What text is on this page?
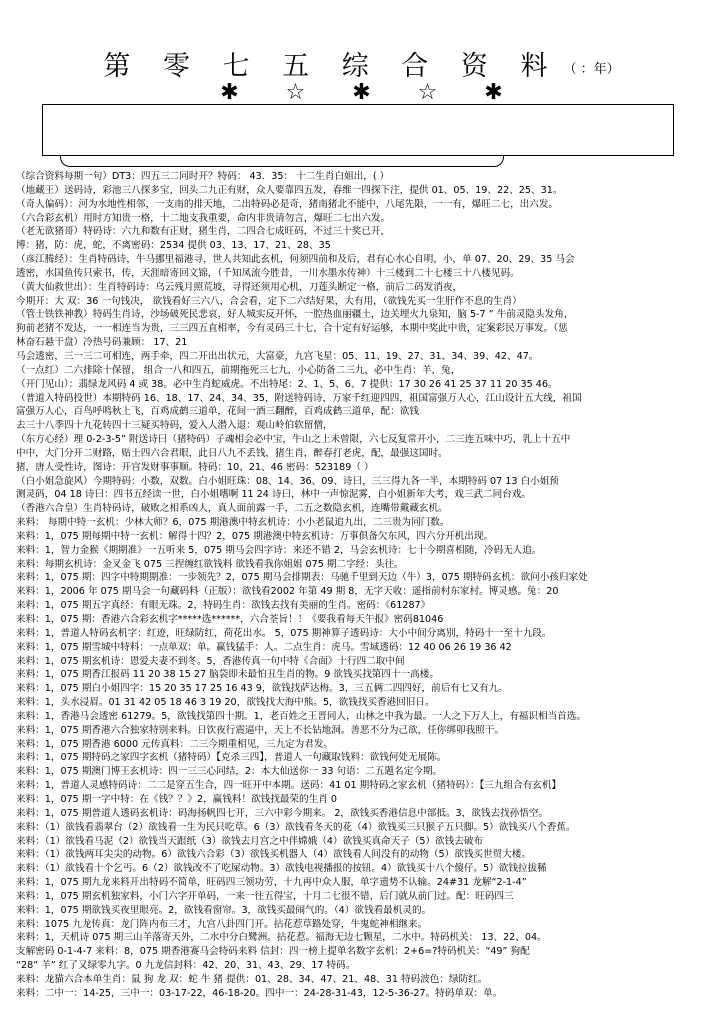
第 零 七 五 综 合 资 料 （ ：年）
✱ ☆ ✱ ☆ ✱
（综合资料每期一句）DT3：四五三二同时开？特码： 43．35： 十二生肖白姐出，( ）
（地藏王）送码诗，彩池三八探多宝，回头二九正有财，众人要靠四五发，春维一四探下注，提供 01、05、19、22、25、31。
（奇人偏码）：河为水地性相邻，一支南的排天地，二出特码必是奇，猪南猪北不能中，八尾先限，一一有，爆旺二七，出六发。
（六合彩玄机）用时方知贵一格，十二地支我重要，命内非贵请勿言，爆旺二七出六发。
（老无欲猪哥）特码诗：六九和数有正财，猪生肖，二四合七成旺码，不过三十奖已开，
博：猪，防：虎，蛇，不离密码：2534 提供 03、13、17、21、28、35
（彦江腾经）：生肖特码诗，牛马挪里福港寻，世人共知此玄机，何须四前和及后，君有心水心自明，小，单 07、20、29、35 马会
透密，水国鱼传只索书，传，天涯暗寄回文锦，（千知凤流今胜昔，一川水墨水传神）十三楼到二十七楼三十八楼见码。
（黄大仙救世出）：生肖特码诗：乌云残月照荒坡，寻得还须用心机，刀莲头断定一格，前后二码发消夜，
今期开：大 双：36 一句钱决， 欲钱看好三六八，合会看，定下二六结好果，大有用，（欲钱先买一生肝作不息的生肖）
（管士铁铁神教）特码生肖诗，沙场破死民悲哀，好人城实反开怀，一腔热血丽疆土，边关埋火九泉知，脑 5-7 ” 牛前灵隐头发角，
狗前老猪不发达，一一相连当为贵，三三四五直相率，今有灵码三十七，合十定有好运够，本期中奖此中贵，定案彩民万事发。（惩
林奋石悬干盘）冷热号码兼顾： 17、21
马会透密，三一三二可相连，两手牵，四二开出出状元，大富豪，九宫飞星：05、11、19、27、31、34、39、42、47。
（一点红）二六排除十保留， 组合一八和四五，前期拖死三七九，小心防备二三九，必中生肖：羊，兔，
（开门见山）：翡绿龙风码 4 或 38。必中生肖蛇威虎。不出特尾：2、1、5、6、7 提供：17 30 26 41 25 37 11 20 35 46。
（普道入特码投世）本期特码 16、18、17、24、34、35，附送特码诗，万家千红迎四四，祖国富强万人心，江山设计五大线，祖国
富强万人心，百鸟呼鸣秋上飞，百鸡成鹤三道单，花间一酒三翻醉，百鸡成鹤三道单，配：欲钱
去三十八季四十九花转四十三疑买特码，爱入人潜入退：观山岭伯软留僧，
（东方心经）理 0-2-3-5” 附送诗曰（猪特码）子魂相会必中宝，牛山之上未曾限，六七反复常开小，二三连五味中巧，乳上十五中
中中，大门分开二财路，贴士四六合君眼，此日八九不丢钱，猪生肖，醉春打老虎，配，最强这国时。
猪，唐人受性诗，图诗：开宫发财事事顺。特码：10、21、46 密码：523189（ ）
（白小姐急旋风）今期特码：小数，双数。白小姐旺珠：08、14、36、09、诗曰，三三得九各一半，本期特码 07 13 白小姐预
测灵码，04 18 诗曰：四书五经读一世，白小姐嗜啊 11 24 诗曰，林中一声惊泥雾，白小姐新年大考，戏三武二同台戏。
（香港六合皇）生肖特码诗，破败之相系凶人，真人面前露一手，二五之数隐玄机，连嘴带戴藏玄机。
来料： 每期中特一玄机：少林大师？6，075 期港澳中特玄机诗：小小老鼠追九出，二三贵为同门数。
来料：1，075 期每期中特一玄机：解得十四？2，075 期港澳中特玄机诗：万事俱备欠东风，四六分开机出现。
来料：1，智力金猴《期期准》一五听来 5，075 期马会四字诗：来还不错 2，马会玄机诗：七十今期喜相随，冷码无人追。
来料：每期玄机诗：金叉金飞 075 三捏缠红欲钱料 欲钱看我你姐姐 075 期二字经：头往。
来料：1，075 期：四字中特期期准：一步领先？2，075 期马会排期表：马驰千里到天边（牛）3，075 期特码玄机：欲问小孩归家处
来料：1，2006 年 075 期马会一句藏码料（正版）：欲钱看2002 年第 49 期 8，无字天收：遥指前村东家村。博灵感。兔：20
来料：1，075 期五字真经：有眼无珠。2，特码生肖：欲钱去找有美丽的生肖。密码：《61287》
来料：1，075 期：香港六合彩玄机字*****选******，六合荃旨！！《要我看每天午报》密码81046
来料：1，普道人特码玄机字：红迹，旺绿防红，荷花出水。 5，075 期神算子透码诗：大小中间分离别，特码十一至十九段。
来料：1，075 期雪城中特料：一点单双：单。赢钱猛手：人。二点生肖：虎马。雪域透码：12 40 06 26 19 36 42
来料：1，075 期玄机诗：恩爱夫妻不到冬。5，香港传真一句中特《合面》十行四二取中间
来料：1，075 期香江报码 11 20 38 15 27 脑袋即未最怕丑生肖的物。9 欲钱买找第四十一高楼。
来料：1，075 期白小姐四字：15 20 35 17 25 16 43 9，欲钱找萨达梅。3，三五俩二四四好，前后有七又有九。
来料：1，头水浸眉。01 31 42 05 18 46 3 19 20，欲钱找大海中熊。5，欲钱找买香港回旧日。
来料：1，香港马会透密 61279。5，欲钱找第四十期。1，老百姓之王晋同人，山林之中我为最。一人之下万人上，有福识相当首选。
来料：1，075 期香港六合独家特别来料。日饮夜行震逼中，天上不长钻地洞。善恶不分为己欲，任你绑卯我照干。
来料：1，075 期香港 6000 元传真料：二三今期重相见，三九定为君发。
来料：1，075 期特码之家四字玄机（猪特码）【克杀三四】，普道人一句藏取钱料：欲钱何处无展陈。
来料：1，075 期澳门博王玄机诗：四一三三心同结，2：本大仙送你一 33 句语：二五题名定今期。
来料：1，普道人灵感特码诗：二二是穿五生合，四一旺开中本期。送码：41 01 期特码之家玄机（猪特码）：【三九组合有玄机】
来料：1，075 期一字中特：在《钱？？》2，赢钱料！欲钱找最荣的生肖 0
来料：1，075 期普道人透码玄机诗：码海扬帆四七开，三六中彩今期来。 2，欲钱买香港信息中部抵。3，欲钱去找孙悟空。
来料：（1）欲钱看翡翠台（2）欲钱看一生为民只吃草。6（3）欲钱看冬天的花（4）欲钱买三只猴子五只脚。5）欲钱买八个香蕉。
来料：（1）欲钱看马泥（2）欲钱当天跟纸（3）欲钱去月宫之中伴嫦娥（4）欲钱买真命天子（5）欲钱去破布
来料：（1）欲钱两耳尖尖的动物。6）欲钱六合彩（3）欲钱买机器人（4）欲钱看人间没有的动物（5）欲钱买世贸大楼。
来料：（1）欲钱看十个乞丐。6（2）欲钱改不了吃屎动物。3）欲钱电视播报的按钮。4）欲钱买十八个傻仔。5）欲钱拉拔稀
来料：1，075 期九龙来料开出特码不简单，旺码四三领功劳，十九再中众人服，单字遗势不认输。24#31 龙解“2-1-4”
来料：1，075 期玄机独家料，小门六字开单码，一来一往五得宝，十月二七很不错，后门就从前门过。配：旺码四三
来料：1，075 期欲钱买夜里眼亮。2，欲钱看窗帘。3，欲钱买最闹气的。（4）欲钱看最机灵的。
来料：1075 九龙传真：龙门阵内布三才，九宫八卦四门开。拈花惹草路处穿，牛鬼蛇神相继来。
来料：1，天机诗 075 期三山羊落寄天外，二水中分白鹭洲。拈花惹。福海无边七颗星，二水中。特码机关： 13、22、04。
支解密码 0-1-4-7 来料：8，075 期香港赛马会特码来料 信封：四一榜上提单名数字玄机：2+6=?特码机关：“49” 狗配
“28” 羊” 红了又绿零九字。0 九龙信封料：42、20、31、43、29、17 特码。
来料：龙猫六合本单生肖：鼠 狗 龙 双：蛇 牛 猪 提供：01、28、34、47、21、48、31 特码波色：绿防红。
来料：二中一：14-25，三中一：03-17-22，46-18-20。四中一：24-28-31-43，12-5-36-27。特码单双：单。
